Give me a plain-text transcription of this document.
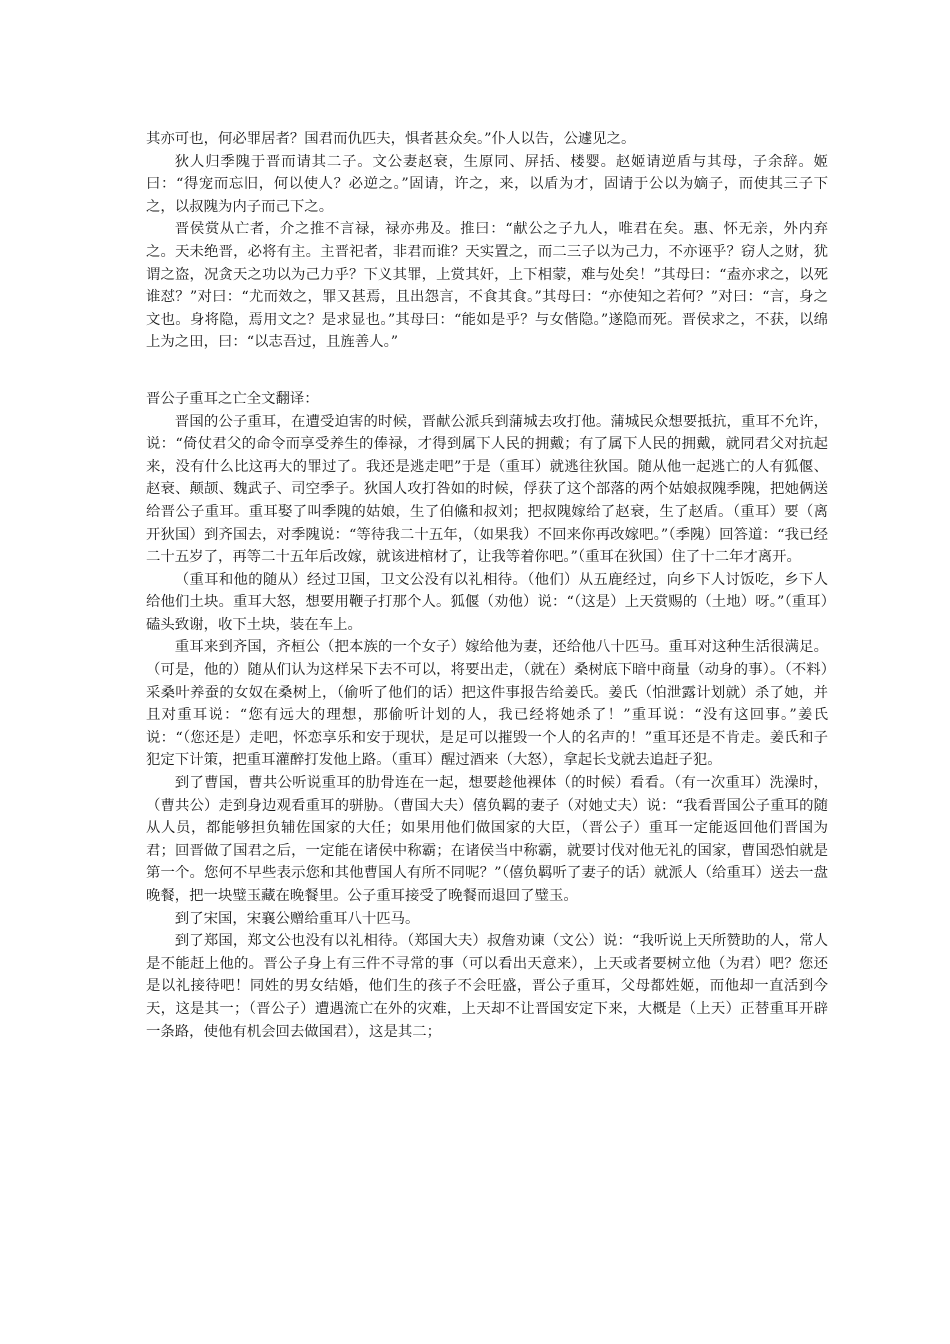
其亦可也，何必罪居者？国君而仇匹夫，惧者甚众矣。”仆人以告，公遽见之。

狄人归季隗于晋而请其二子。文公妻赵衰，生原同、屏括、楼婴。赵姬请逆盾与其母，子余辞。姬曰：“得宠而忘旧，何以使人？必逆之。”固请，许之，来，以盾为才，固请于公以为嫡子，而使其三子下之，以叔隗为内子而己下之。

晋侯赏从亡者，介之推不言禄，禄亦弗及。推曰：“献公之子九人，唯君在矣。惠、怀无亲，外内弃之。天未绝晋，必将有主。主晋祀者，非君而谁？天实置之，而二三子以为己力，不亦诬乎？窃人之财，犹谓之盗，况贪天之功以为己力乎？下义其罪，上赏其奸，上下相蒙，难与处矣！”其母曰：“盍亦求之，以死谁怼？”对曰：“尤而效之，罪又甚焉，且出怨言，不食其食。”其母曰：“亦使知之若何？”对曰：“言，身之文也。身将隐，焉用文之？是求显也。”其母曰：“能如是乎？与女偕隐。”遂隐而死。晋侯求之，不获，以绵上为之田，曰：“以志吾过，且旌善人。”

晋公子重耳之亡全文翻译：

晋国的公子重耳，在遭受迫害的时候，晋献公派兵到蒲城去攻打他。蒲城民众想要抵抗，重耳不允许，说：“倚仗君父的命令而享受养生的俸禄，才得到属下人民的拥戴；有了属下人民的拥戴，就同君父对抗起来，没有什么比这再大的罪过了。我还是逃走吧”于是（重耳）就逃往狄国。随从他一起逃亡的人有狐偃、赵衰、颠颉、魏武子、司空季子。狄国人攻打咎如的时候，俘获了这个部落的两个姑娘叔隗季隗，把她俩送给晋公子重耳。重耳娶了叫季隗的姑娘，生了伯鯈和叔刘；把叔隗嫁给了赵衰，生了赵盾。（重耳）要（离开狄国）到齐国去，对季隗说：“等待我二十五年，（如果我）不回来你再改嫁吧。”（季隗）回答道：“我已经二十五岁了，再等二十五年后改嫁，就该进棺材了，让我等着你吧。”（重耳在狄国）住了十二年才离开。

（重耳和他的随从）经过卫国，卫文公没有以礼相待。（他们）从五鹿经过，向乡下人讨饭吃，乡下人给他们土块。重耳大怒，想要用鞭子打那个人。狐偃（劝他）说：“（这是）上天赏赐的（土地）呀。”（重耳）磕头致谢，收下土块，装在车上。

重耳来到齐国，齐桓公（把本族的一个女子）嫁给他为妻，还给他八十匹马。重耳对这种生活很满足。（可是，他的）随从们认为这样呆下去不可以，将要出走，（就在）桑树底下暗中商量（动身的事）。（不料）采桑叶养蚕的女奴在桑树上，（偷听了他们的话）把这件事报告给姜氏。姜氏（怕泄露计划就）杀了她，并且对重耳说：“您有远大的理想，那偷听计划的人，我已经将她杀了！”重耳说：“没有这回事。”姜氏说：“（您还是）走吧，怀恋享乐和安于现状，是足可以摧毁一个人的名声的！”重耳还是不肯走。姜氏和子犯定下计策，把重耳灌醉打发他上路。（重耳）醒过酒来（大怒），拿起长戈就去追赶子犯。

到了曹国，曹共公听说重耳的肋骨连在一起，想要趁他裸体（的时候）看看。（有一次重耳）洗澡时，（曹共公）走到身边观看重耳的骈胁。（曹国大夫）僖负羁的妻子（对她丈夫）说：“我看晋国公子重耳的随从人员，都能够担负辅佐国家的大任；如果用他们做国家的大臣，（晋公子）重耳一定能返回他们晋国为君；回晋做了国君之后，一定能在诸侯中称霸；在诸侯当中称霸，就要讨伐对他无礼的国家，曹国恐怕就是第一个。您何不早些表示您和其他曹国人有所不同呢？”（僖负羁听了妻子的话）就派人（给重耳）送去一盘晚餐，把一块璧玉藏在晚餐里。公子重耳接受了晚餐而退回了璧玉。

到了宋国，宋襄公赠给重耳八十匹马。

到了郑国，郑文公也没有以礼相待。（郑国大夫）叔詹劝谏（文公）说：“我听说上天所赞助的人，常人是不能赶上他的。晋公子身上有三件不寻常的事（可以看出天意来），上天或者要树立他（为君）吧？您还是以礼接待吧！同姓的男女结婚，他们生的孩子不会旺盛，晋公子重耳，父母都姓姬，而他却一直活到今天，这是其一；（晋公子）遭遇流亡在外的灾难，上天却不让晋国安定下来，大概是（上天）正替重耳开辟一条路，使他有机会回去做国君），这是其二；
